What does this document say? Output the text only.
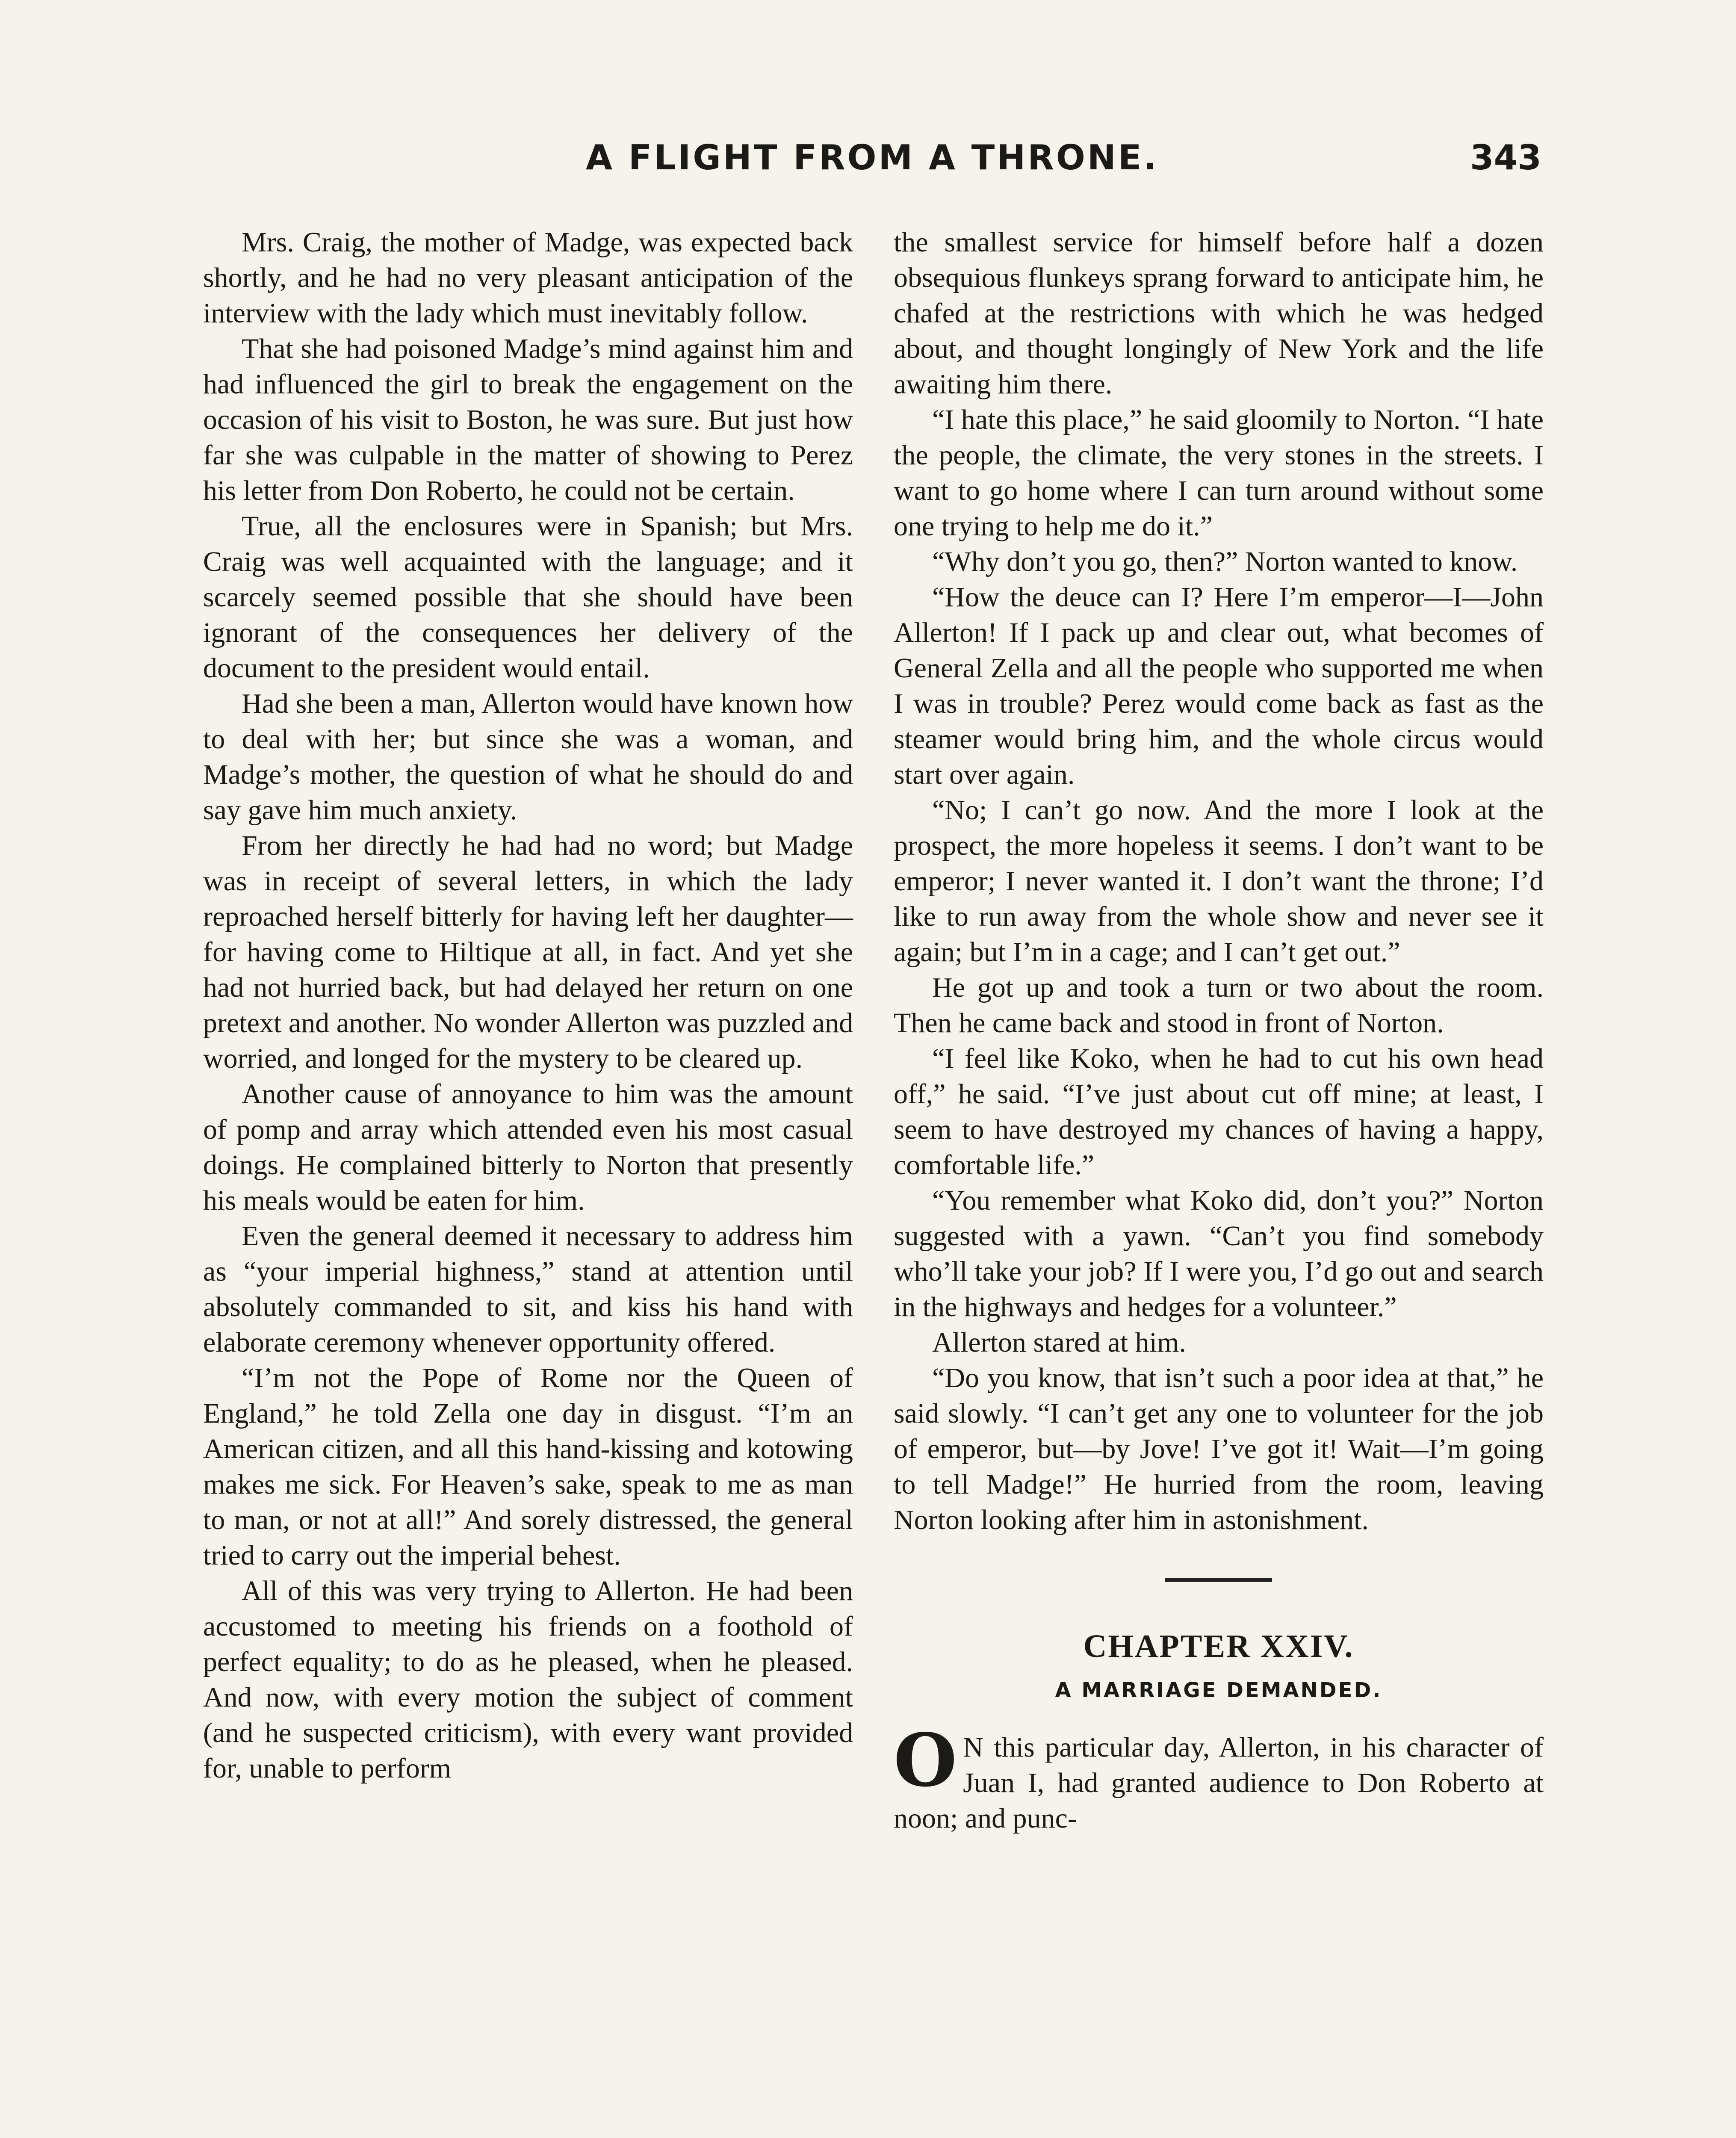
A FLIGHT FROM A THRONE.	343

Mrs. Craig, the mother of Madge, was expected back shortly, and he had no very pleasant anticipation of the interview with the lady which must inevitably follow.

That she had poisoned Madge’s mind against him and had influenced the girl to break the engagement on the occasion of his visit to Boston, he was sure. But just how far she was culpable in the matter of showing to Perez his letter from Don Roberto, he could not be certain.

True, all the enclosures were in Spanish; but Mrs. Craig was well acquainted with the language; and it scarcely seemed possible that she should have been ignorant of the consequences her delivery of the document to the president would entail.

Had she been a man, Allerton would have known how to deal with her; but since she was a woman, and Madge’s mother, the question of what he should do and say gave him much anxiety.

From her directly he had had no word; but Madge was in receipt of several letters, in which the lady reproached herself bitterly for having left her daughter—for having come to Hiltique at all, in fact. And yet she had not hurried back, but had delayed her return on one pretext and another. No wonder Allerton was puzzled and worried, and longed for the mystery to be cleared up.

Another cause of annoyance to him was the amount of pomp and array which attended even his most casual doings. He complained bitterly to Norton that presently his meals would be eaten for him.

Even the general deemed it necessary to address him as “your imperial highness,” stand at attention until absolutely commanded to sit, and kiss his hand with elaborate ceremony whenever opportunity offered.

“I’m not the Pope of Rome nor the Queen of England,” he told Zella one day in disgust. “I’m an American citizen, and all this hand-kissing and kotowing makes me sick. For Heaven’s sake, speak to me as man to man, or not at all!” And sorely distressed, the general tried to carry out the imperial behest.

All of this was very trying to Allerton. He had been accustomed to meeting his friends on a foothold of perfect equality; to do as he pleased, when he pleased. And now, with every motion the subject of comment (and he suspected criticism), with every want provided for, unable to perform

the smallest service for himself before half a dozen obsequious flunkeys sprang forward to anticipate him, he chafed at the restrictions with which he was hedged about, and thought longingly of New York and the life awaiting him there.

“I hate this place,” he said gloomily to Norton. “I hate the people, the climate, the very stones in the streets. I want to go home where I can turn around without some one trying to help me do it.”

“Why don’t you go, then?” Norton wanted to know.

“How the deuce can I? Here I’m emperor—I—John Allerton! If I pack up and clear out, what becomes of General Zella and all the people who supported me when I was in trouble? Perez would come back as fast as the steamer would bring him, and the whole circus would start over again.

“No; I can’t go now. And the more I look at the prospect, the more hopeless it seems. I don’t want to be emperor; I never wanted it. I don’t want the throne; I’d like to run away from the whole show and never see it again; but I’m in a cage; and I can’t get out.”

He got up and took a turn or two about the room. Then he came back and stood in front of Norton.

“I feel like Koko, when he had to cut his own head off,” he said. “I’ve just about cut off mine; at least, I seem to have destroyed my chances of having a happy, comfortable life.”

“You remember what Koko did, don’t you?” Norton suggested with a yawn. “Can’t you find somebody who’ll take your job? If I were you, I’d go out and search in the highways and hedges for a volunteer.”

Allerton stared at him.

“Do you know, that isn’t such a poor idea at that,” he said slowly. “I can’t get any one to volunteer for the job of emperor, but—by Jove! I’ve got it! Wait—I’m going to tell Madge!” He hurried from the room, leaving Norton looking after him in astonishment.

CHAPTER XXIV.
A MARRIAGE DEMANDED.

O N this particular day, Allerton, in his character of Juan I, had granted audience to Don Roberto at noon; and punc-
